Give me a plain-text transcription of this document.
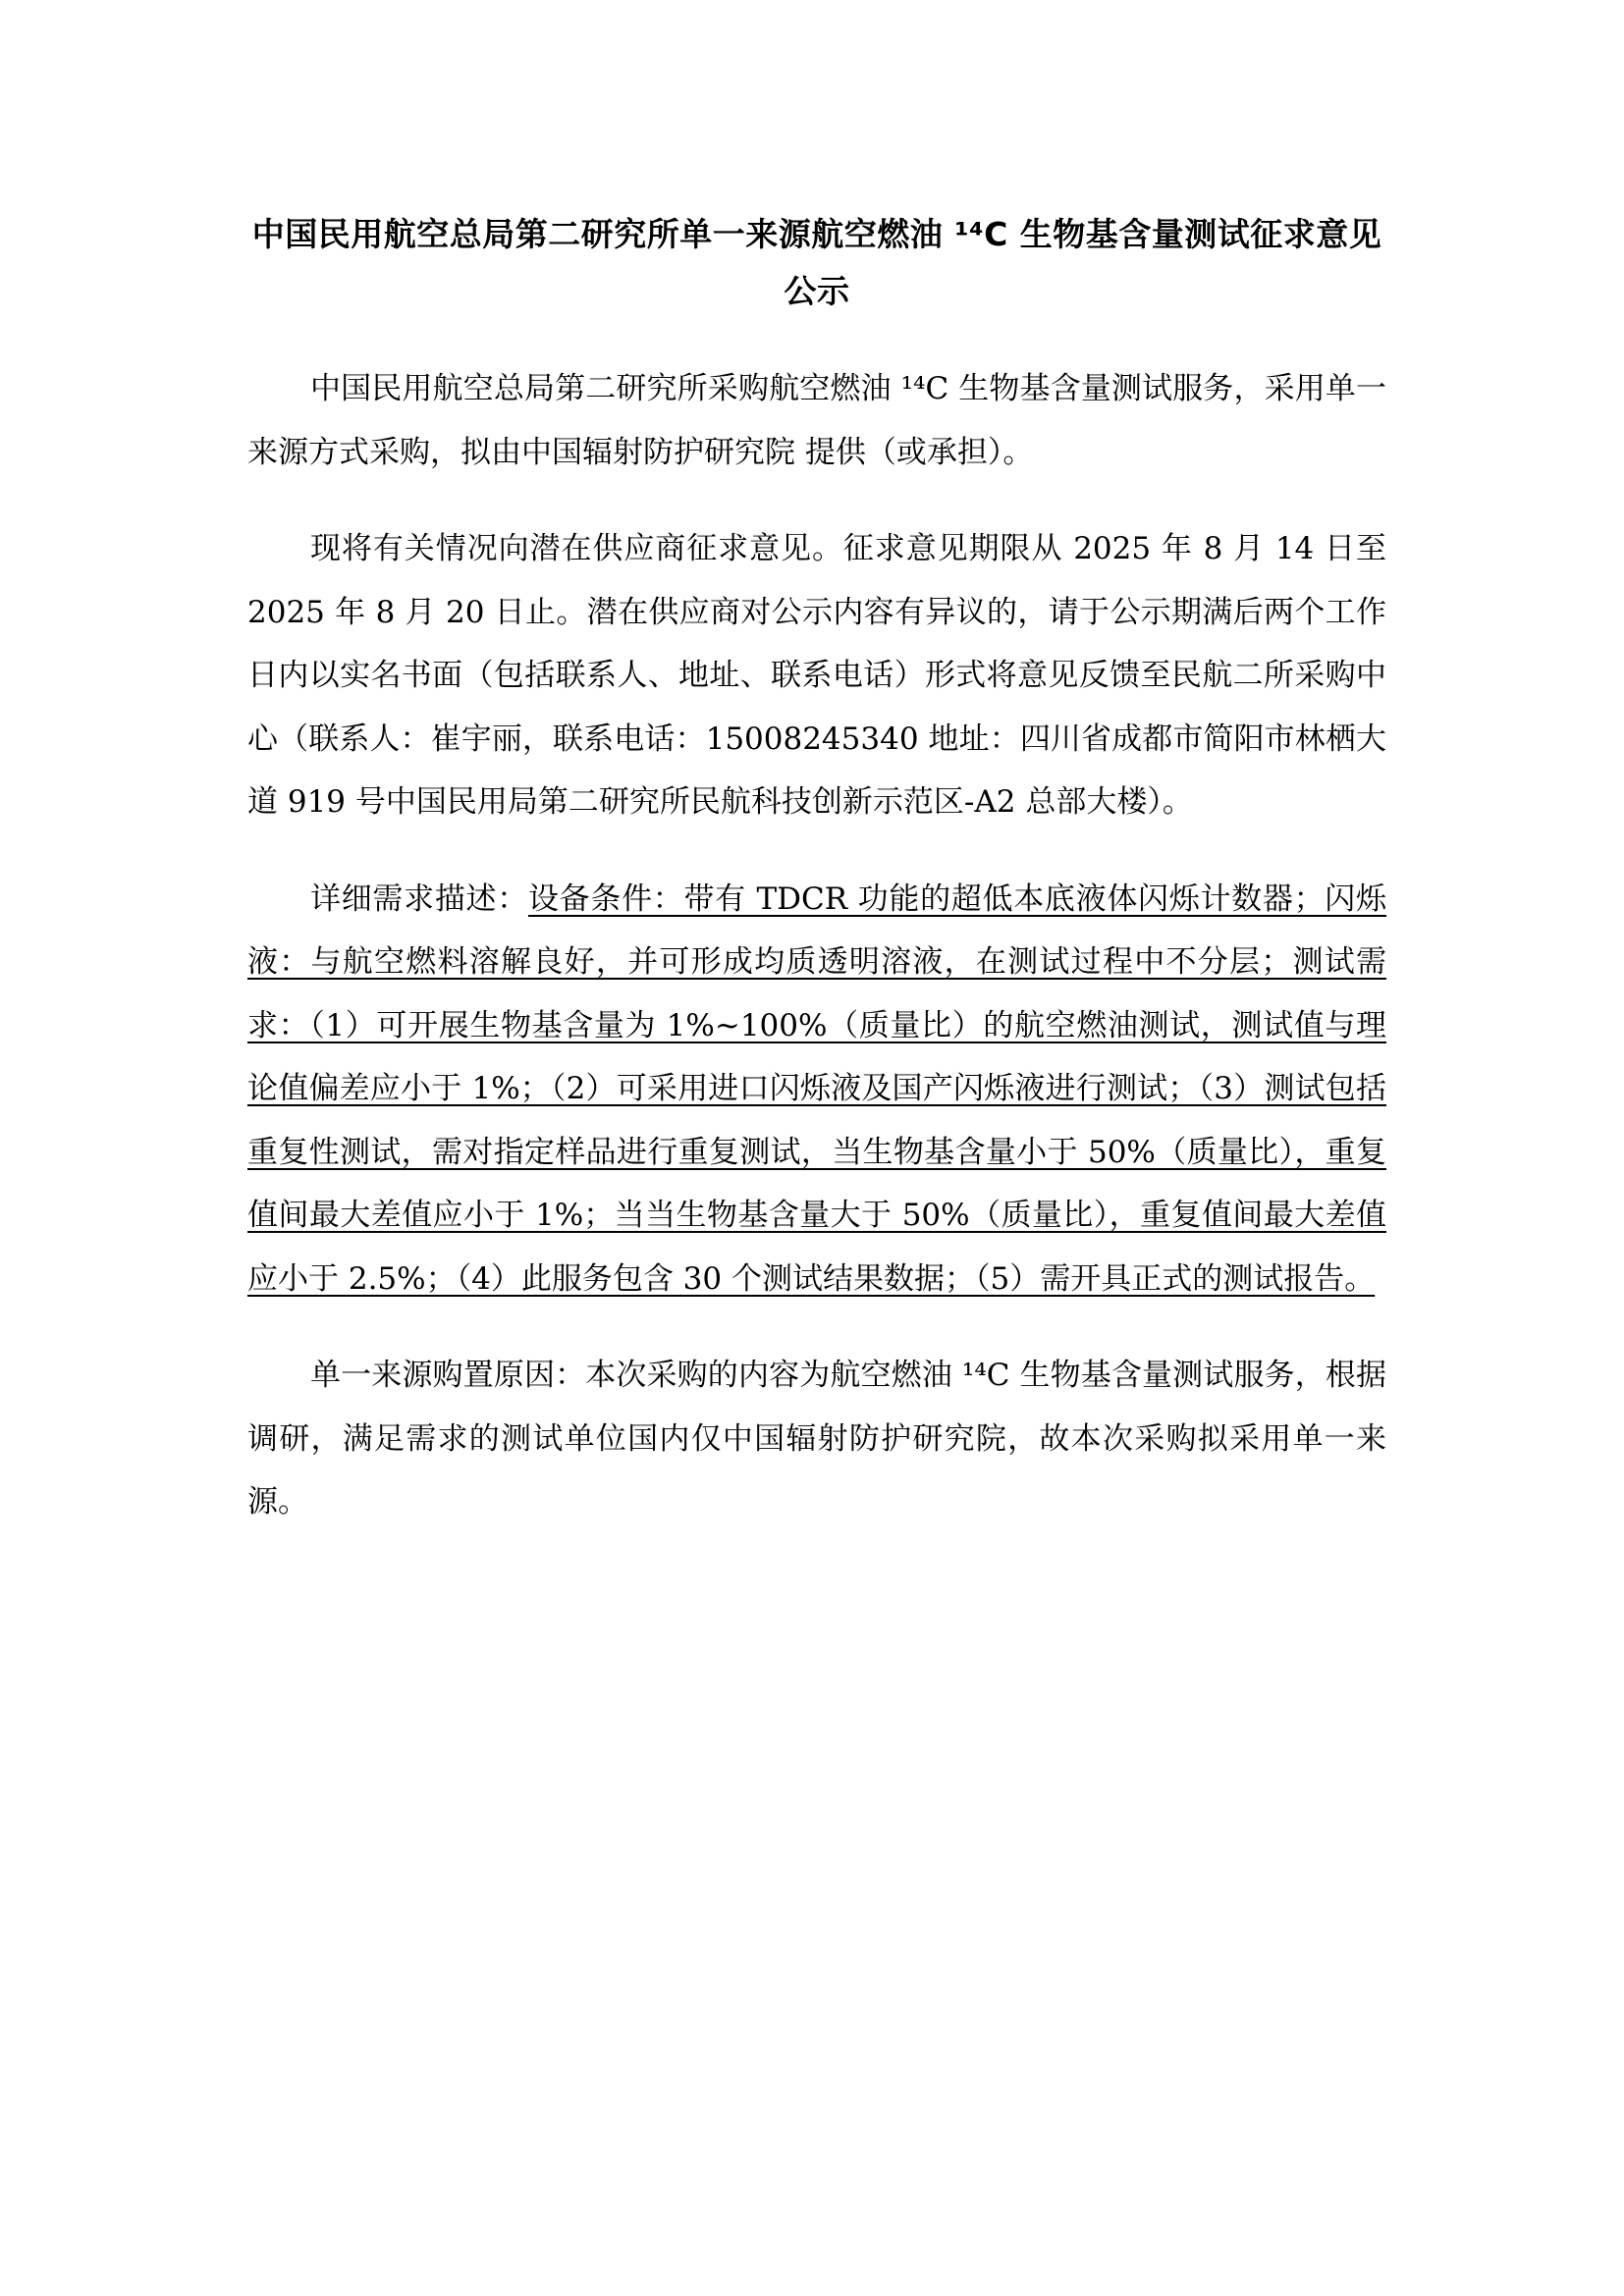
中国民用航空总局第二研究所单一来源航空燃油 ¹⁴C 生物基含量测试征求意见公示

中国民用航空总局第二研究所采购航空燃油 ¹⁴C 生物基含量测试服务，采用单一来源方式采购，拟由中国辐射防护研究院 提供（或承担）。

现将有关情况向潜在供应商征求意见。征求意见期限从 2025 年 8 月 14 日至 2025 年 8 月 20 日止。潜在供应商对公示内容有异议的，请于公示期满后两个工作日内以实名书面（包括联系人、地址、联系电话）形式将意见反馈至民航二所采购中心（联系人：崔宇丽，联系电话：15008245340 地址：四川省成都市简阳市林栖大道 919 号中国民用局第二研究所民航科技创新示范区-A2 总部大楼）。

详细需求描述：设备条件：带有 TDCR 功能的超低本底液体闪烁计数器；闪烁液：与航空燃料溶解良好，并可形成均质透明溶液，在测试过程中不分层；测试需求：（1）可开展生物基含量为 1%~100%（质量比）的航空燃油测试，测试值与理论值偏差应小于 1%；（2）可采用进口闪烁液及国产闪烁液进行测试；（3）测试包括重复性测试，需对指定样品进行重复测试，当生物基含量小于 50%（质量比），重复值间最大差值应小于 1%；当当生物基含量大于 50%（质量比），重复值间最大差值应小于 2.5%；（4）此服务包含 30 个测试结果数据；（5）需开具正式的测试报告。

单一来源购置原因：本次采购的内容为航空燃油 ¹⁴C 生物基含量测试服务，根据调研，满足需求的测试单位国内仅中国辐射防护研究院，故本次采购拟采用单一来源。
